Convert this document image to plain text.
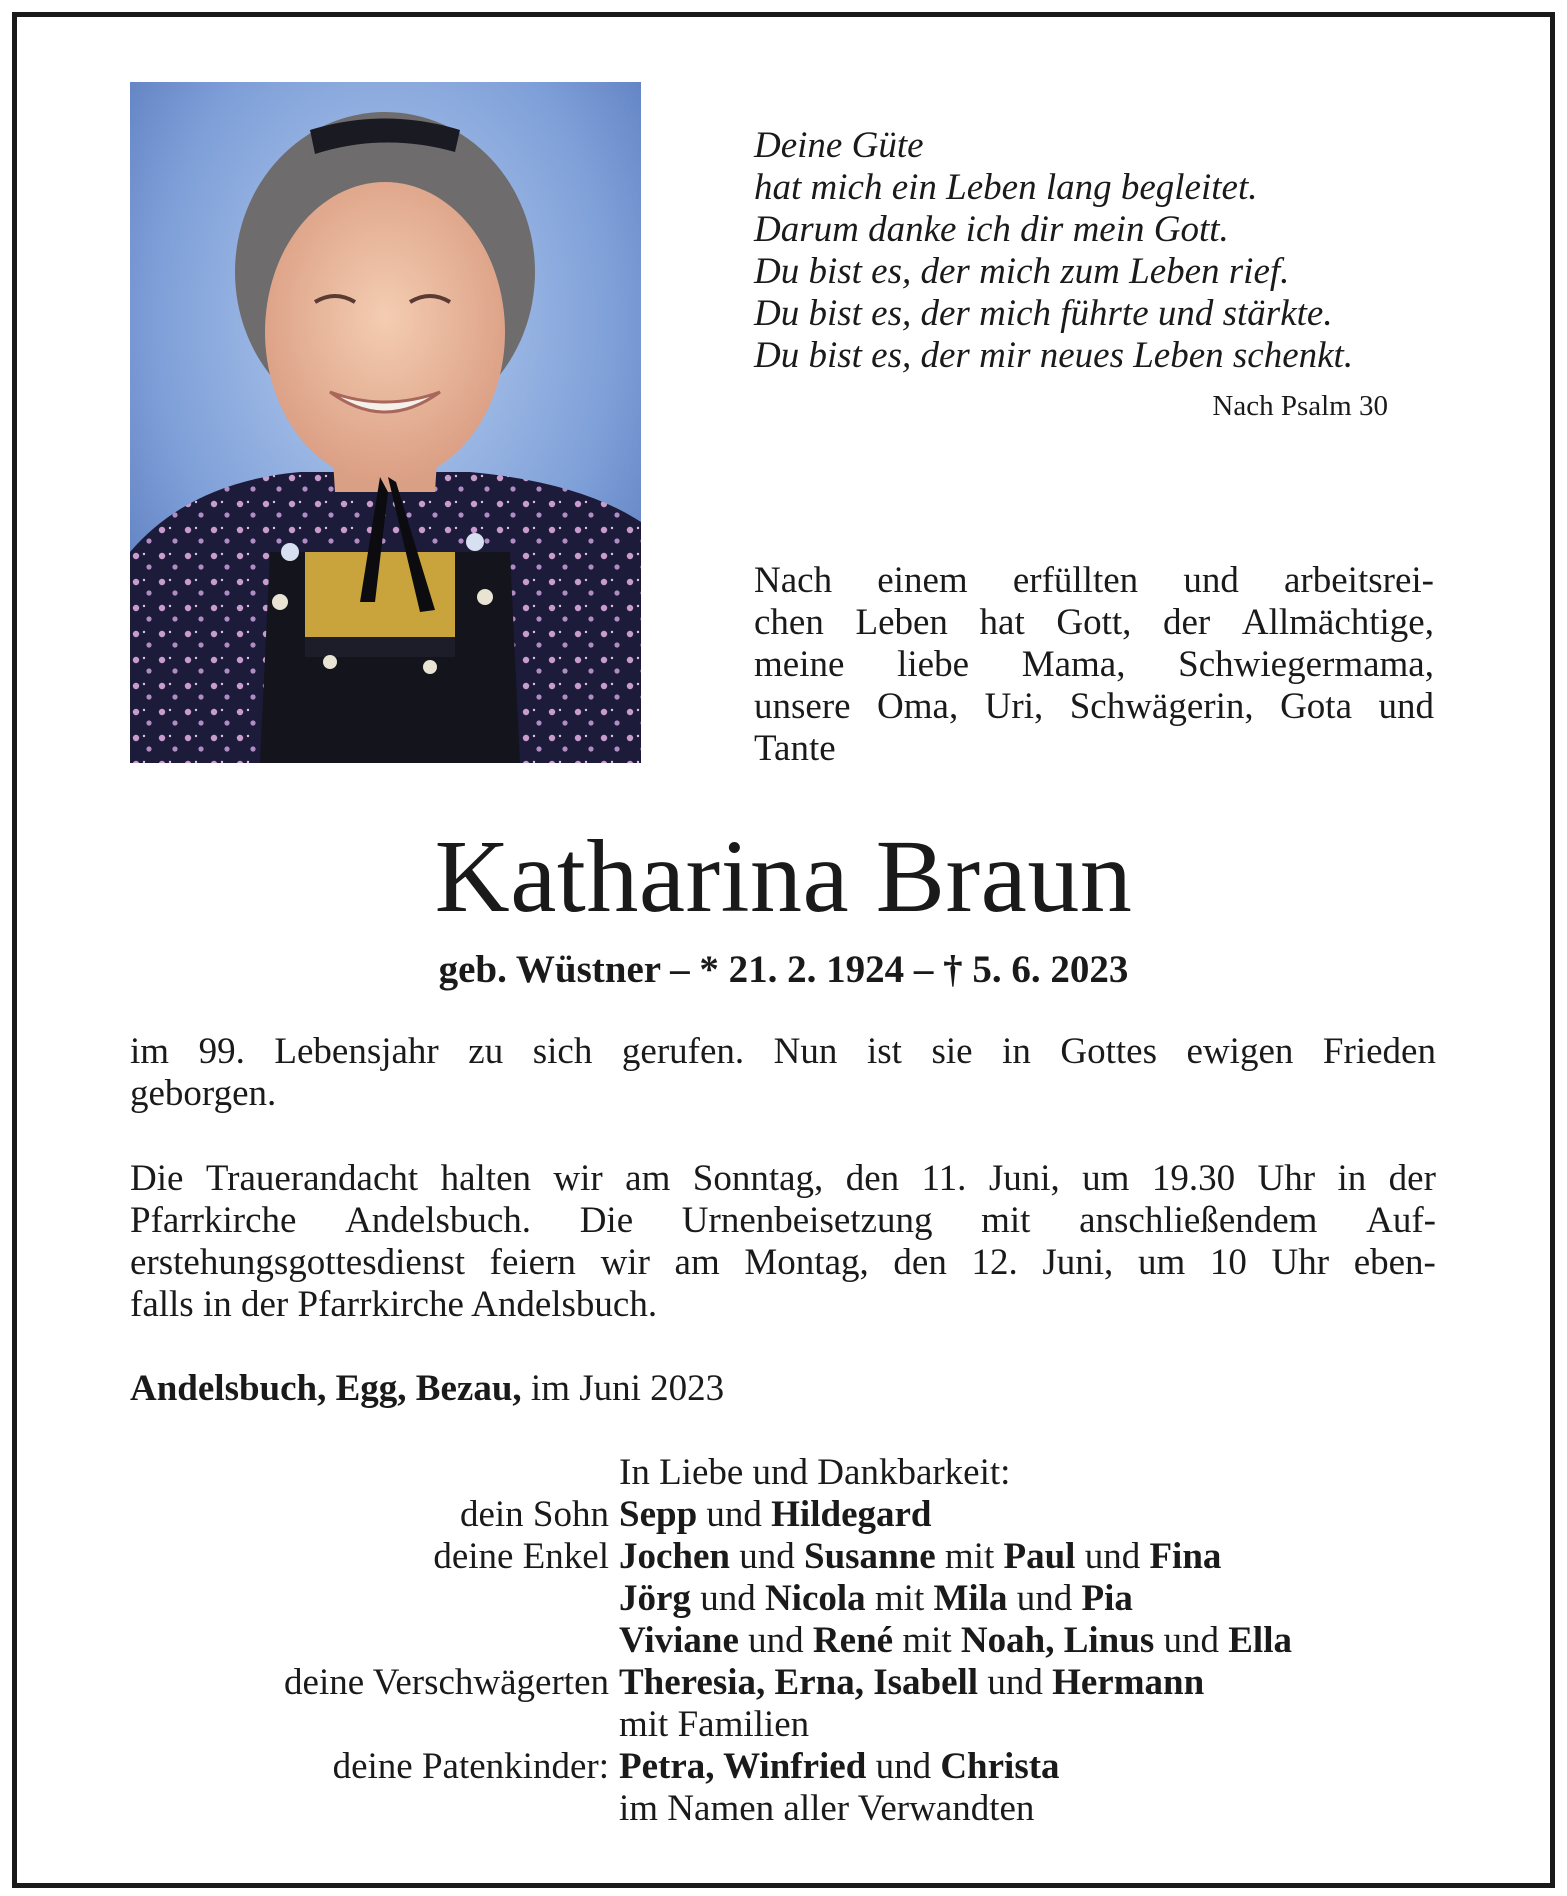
Deine Güte
hat mich ein Leben lang begleitet.
Darum danke ich dir mein Gott.
Du bist es, der mich zum Leben rief.
Du bist es, der mich führte und stärkte.
Du bist es, der mir neues Leben schenkt.
Nach Psalm 30
Nach einem erfüllten und arbeitsrei-
chen Leben hat Gott, der Allmächtige,
meine liebe Mama, Schwiegermama,
unsere Oma, Uri, Schwägerin, Gota und
Tante
Katharina Braun
geb. Wüstner – * 21. 2. 1924 – † 5. 6. 2023
im 99. Lebensjahr zu sich gerufen. Nun ist sie in Gottes ewigen Frieden
geborgen.
Die Trauerandacht halten wir am Sonntag, den 11. Juni, um 19.30 Uhr in der
Pfarrkirche Andelsbuch. Die Urnenbeisetzung mit anschließendem Auf-
erstehungsgottesdienst feiern wir am Montag, den 12. Juni, um 10 Uhr eben-
falls in der Pfarrkirche Andelsbuch.
Andelsbuch, Egg, Bezau, im Juni 2023
In Liebe und Dankbarkeit:
dein Sohn Sepp und Hildegard
deine Enkel Jochen und Susanne mit Paul und Fina
Jörg und Nicola mit Mila und Pia
Viviane und René mit Noah, Linus und Ella
deine Verschwägerten Theresia, Erna, Isabell und Hermann
mit Familien
deine Patenkinder: Petra, Winfried und Christa
im Namen aller Verwandten
